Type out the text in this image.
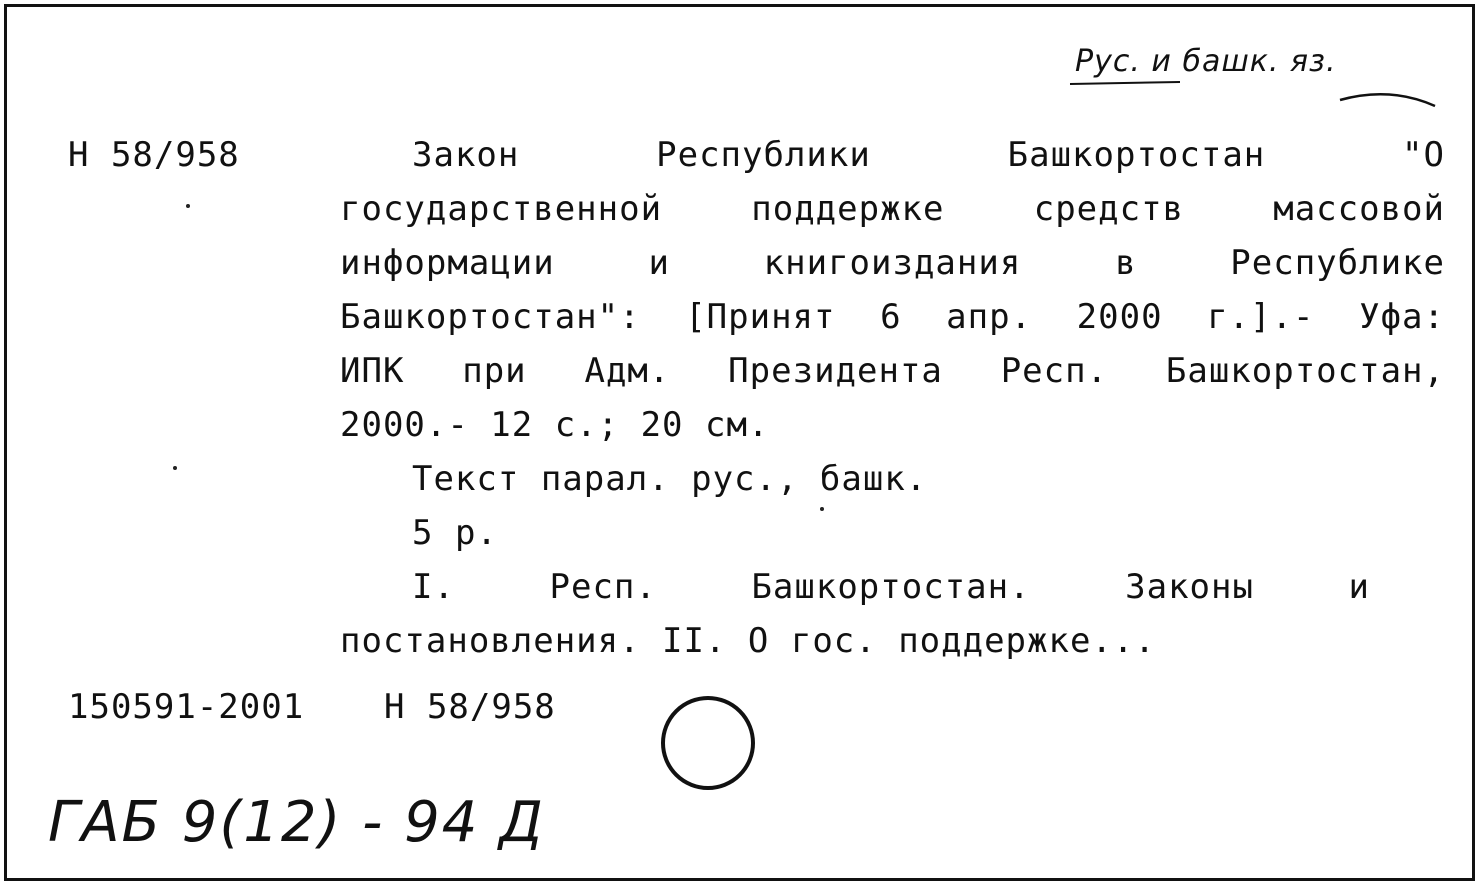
Рус. и башк. яз.
Н 58/958	Закон Республики Башкортостан "О
государственной поддержке средств массовой
информации и книгоиздания в Республике
Башкортостан": [Принят 6 апр. 2000 г.].- Уфа:
ИПК при Адм. Президента Респ. Башкортостан,
2000.- 12 с.; 20 см.
Текст парал. рус., башк.
5 р.
I. Респ. Башкортостан. Законы и
постановления. II. О гос. поддержке...
150591-2001 Н 58/958
ГАБ 9(12) - 94 Д
